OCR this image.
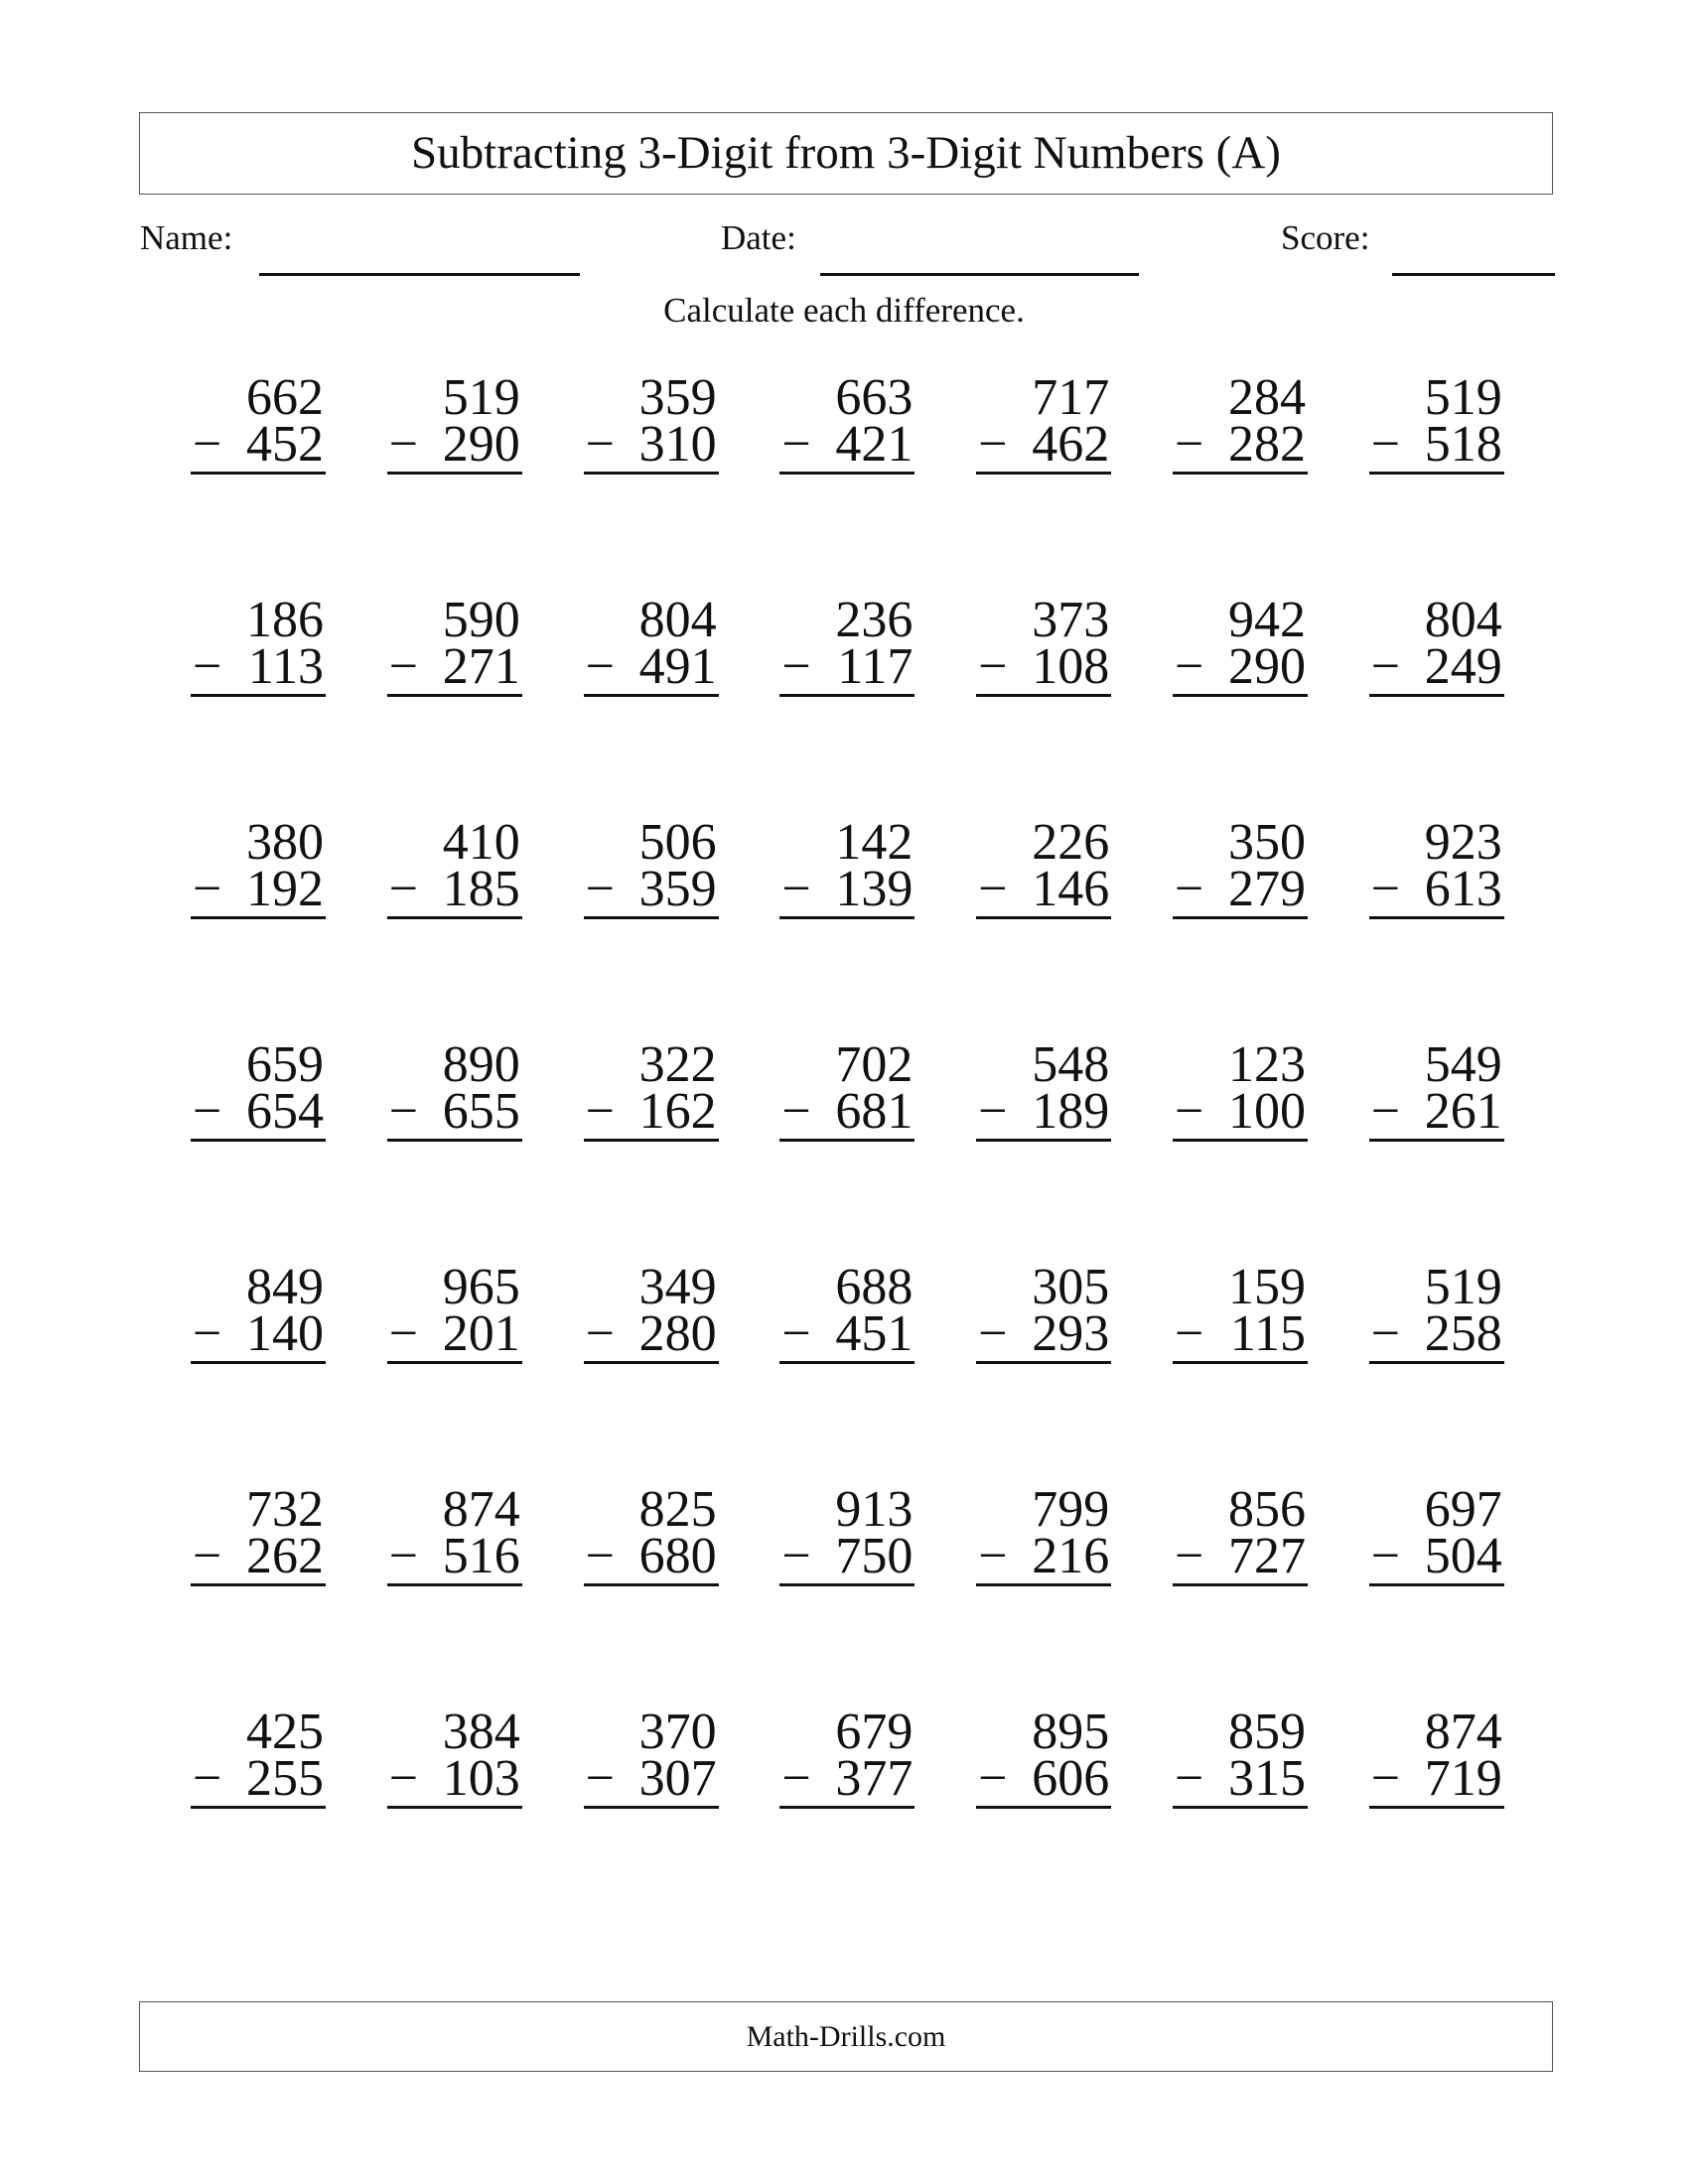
Subtracting 3-Digit from 3-Digit Numbers (A)
Name:	Date:	Score:
Calculate each difference.
662
− 452
519
− 290
359
− 310
663
− 421
717
− 462
284
− 282
519
− 518
186
− 113
590
− 271
804
− 491
236
− 117
373
− 108
942
− 290
804
− 249
380
− 192
410
− 185
506
− 359
142
− 139
226
− 146
350
− 279
923
− 613
659
− 654
890
− 655
322
− 162
702
− 681
548
− 189
123
− 100
549
− 261
849
− 140
965
− 201
349
− 280
688
− 451
305
− 293
159
− 115
519
− 258
732
− 262
874
− 516
825
− 680
913
− 750
799
− 216
856
− 727
697
− 504
425
− 255
384
− 103
370
− 307
679
− 377
895
− 606
859
− 315
874
− 719
Math-Drills.com
